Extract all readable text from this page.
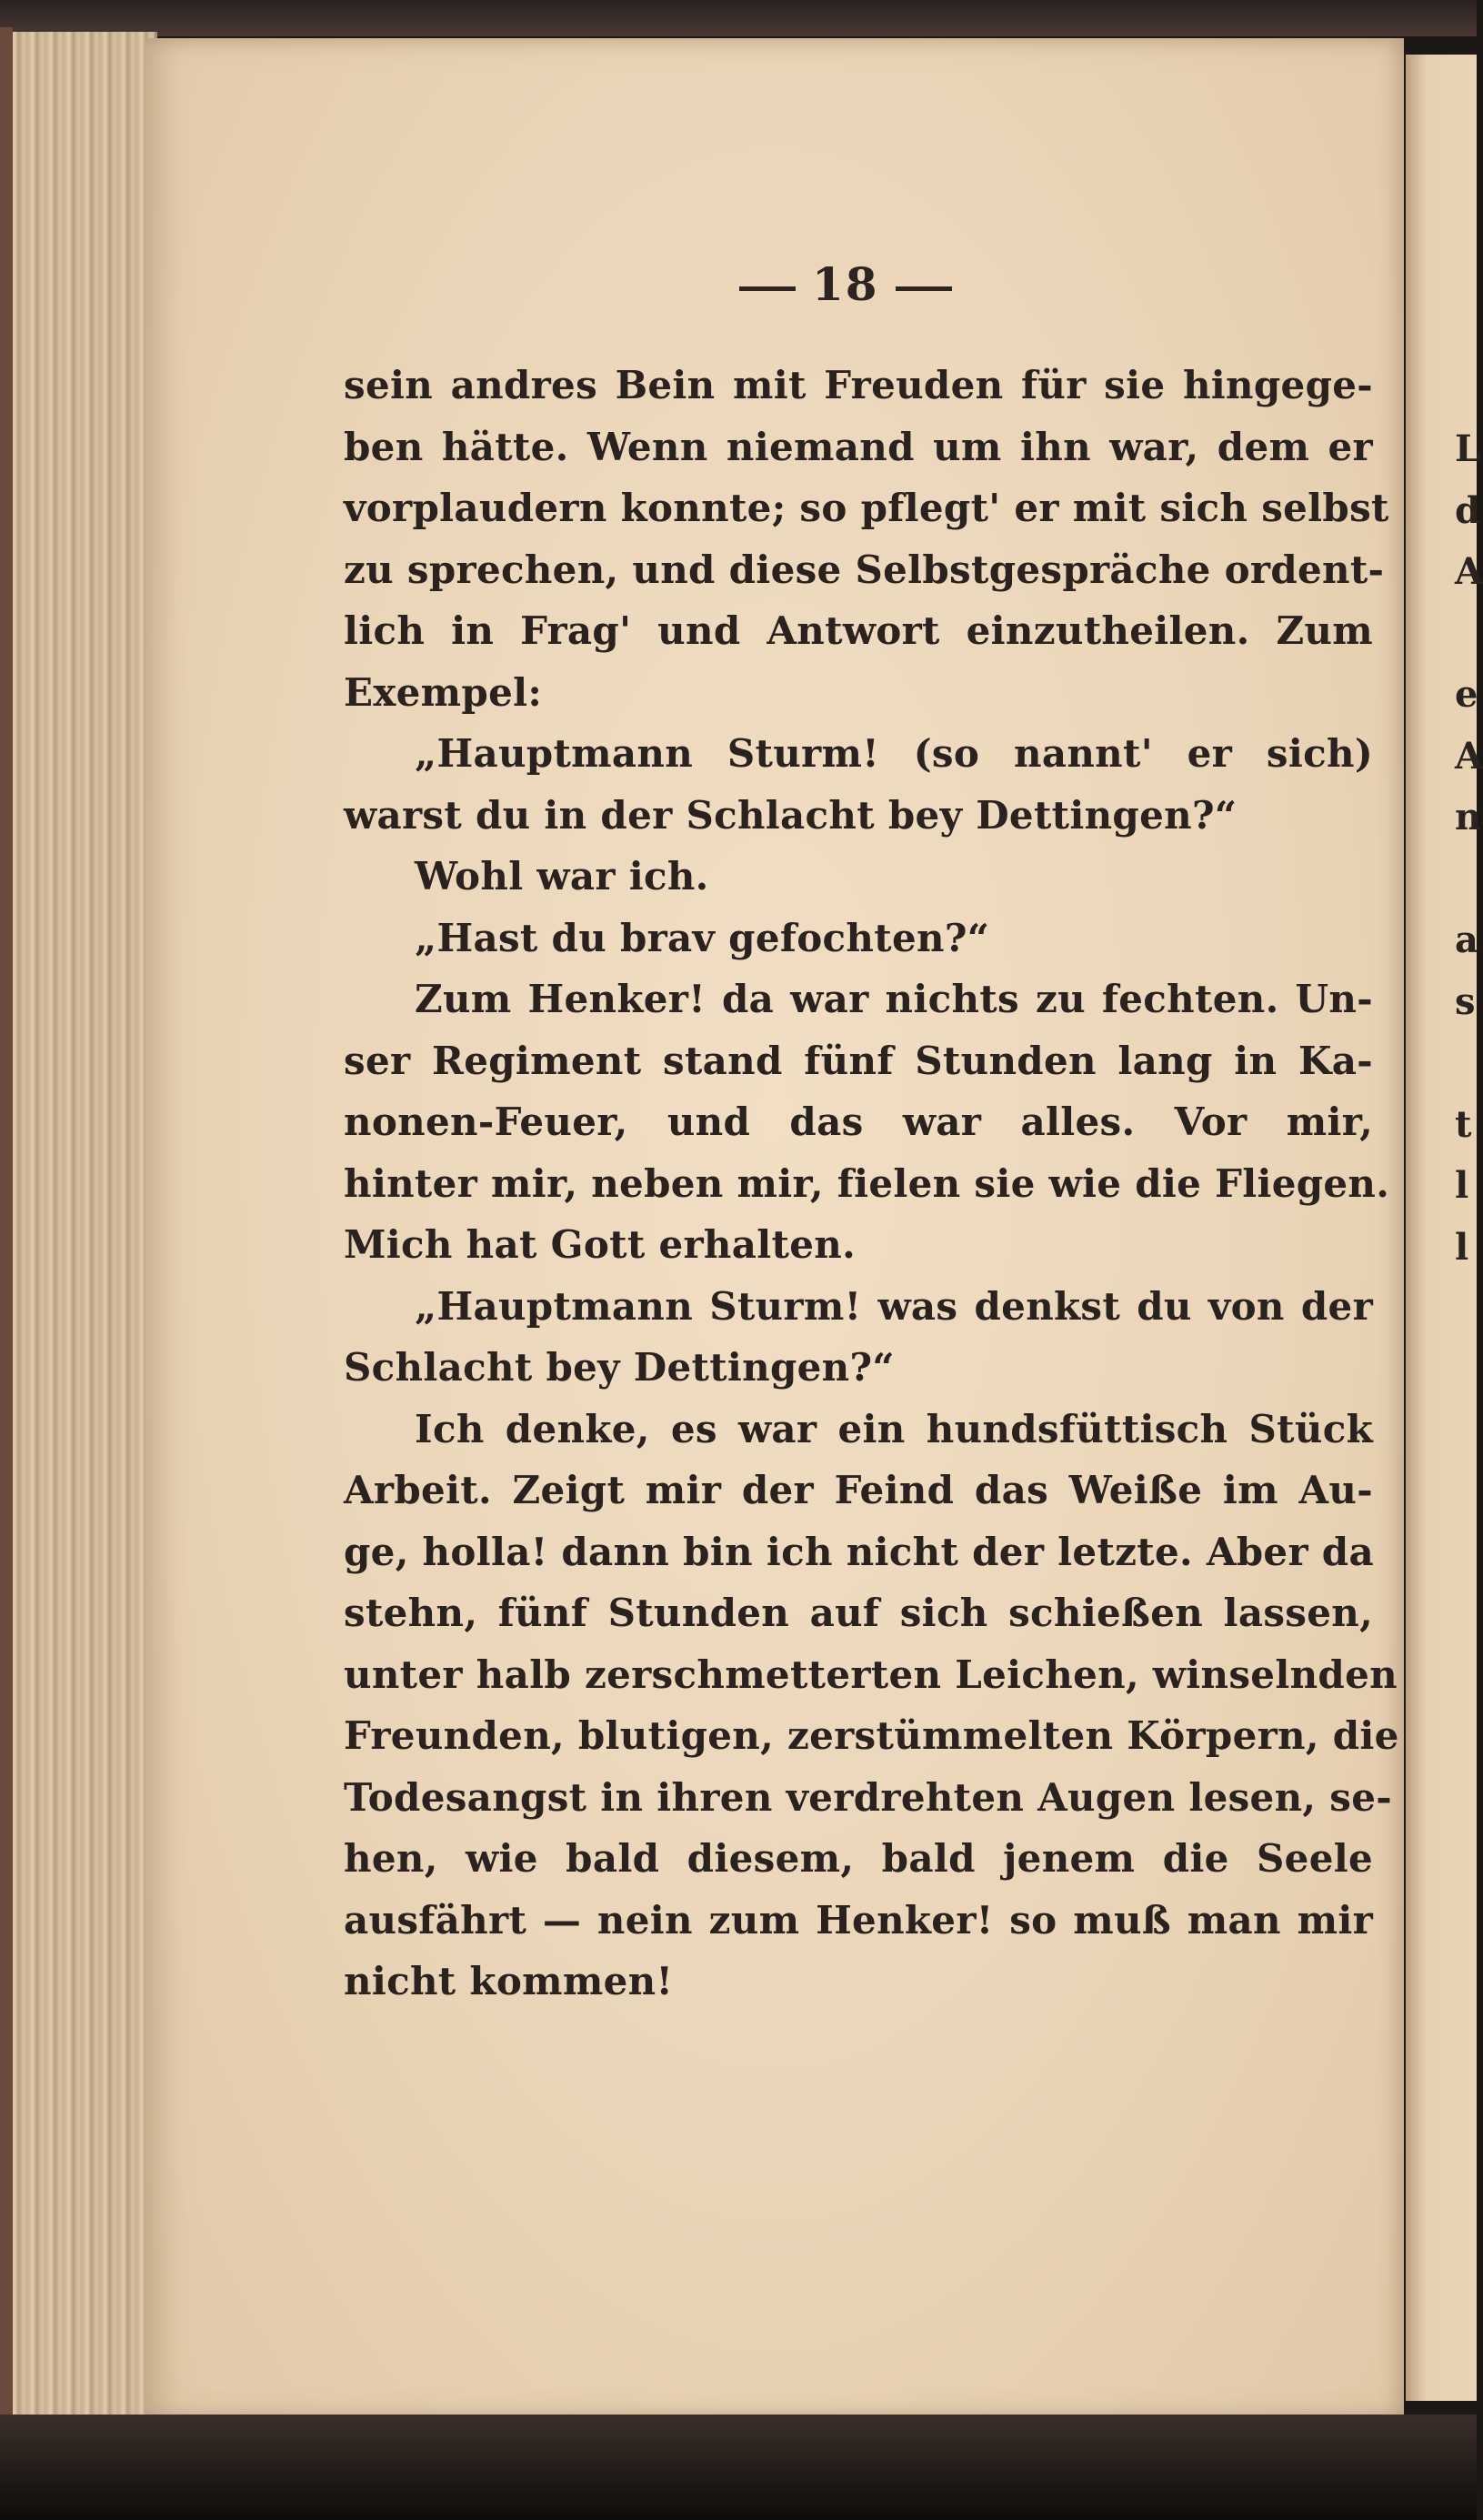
L
d
A
e
A
n
a
s
t
l
l
18
sein andres Bein mit Freuden für sie hingege-
ben hätte. Wenn niemand um ihn war, dem er
vorplaudern konnte; so pflegt' er mit sich selbst
zu sprechen, und diese Selbstgespräche ordent-
lich in Frag' und Antwort einzutheilen. Zum
Exempel:
„Hauptmann Sturm! (so nannt' er sich)
warst du in der Schlacht bey Dettingen?“
Wohl war ich.
„Hast du brav gefochten?“
Zum Henker! da war nichts zu fechten. Un-
ser Regiment stand fünf Stunden lang in Ka-
nonen-Feuer, und das war alles. Vor mir,
hinter mir, neben mir, fielen sie wie die Fliegen.
Mich hat Gott erhalten.
„Hauptmann Sturm! was denkst du von der
Schlacht bey Dettingen?“
Ich denke, es war ein hundsfüttisch Stück
Arbeit. Zeigt mir der Feind das Weiße im Au-
ge, holla! dann bin ich nicht der letzte. Aber da
stehn, fünf Stunden auf sich schießen lassen,
unter halb zerschmetterten Leichen, winselnden
Freunden, blutigen, zerstümmelten Körpern, die
Todesangst in ihren verdrehten Augen lesen, se-
hen, wie bald diesem, bald jenem die Seele
ausfährt — nein zum Henker! so muß man mir
nicht kommen!
